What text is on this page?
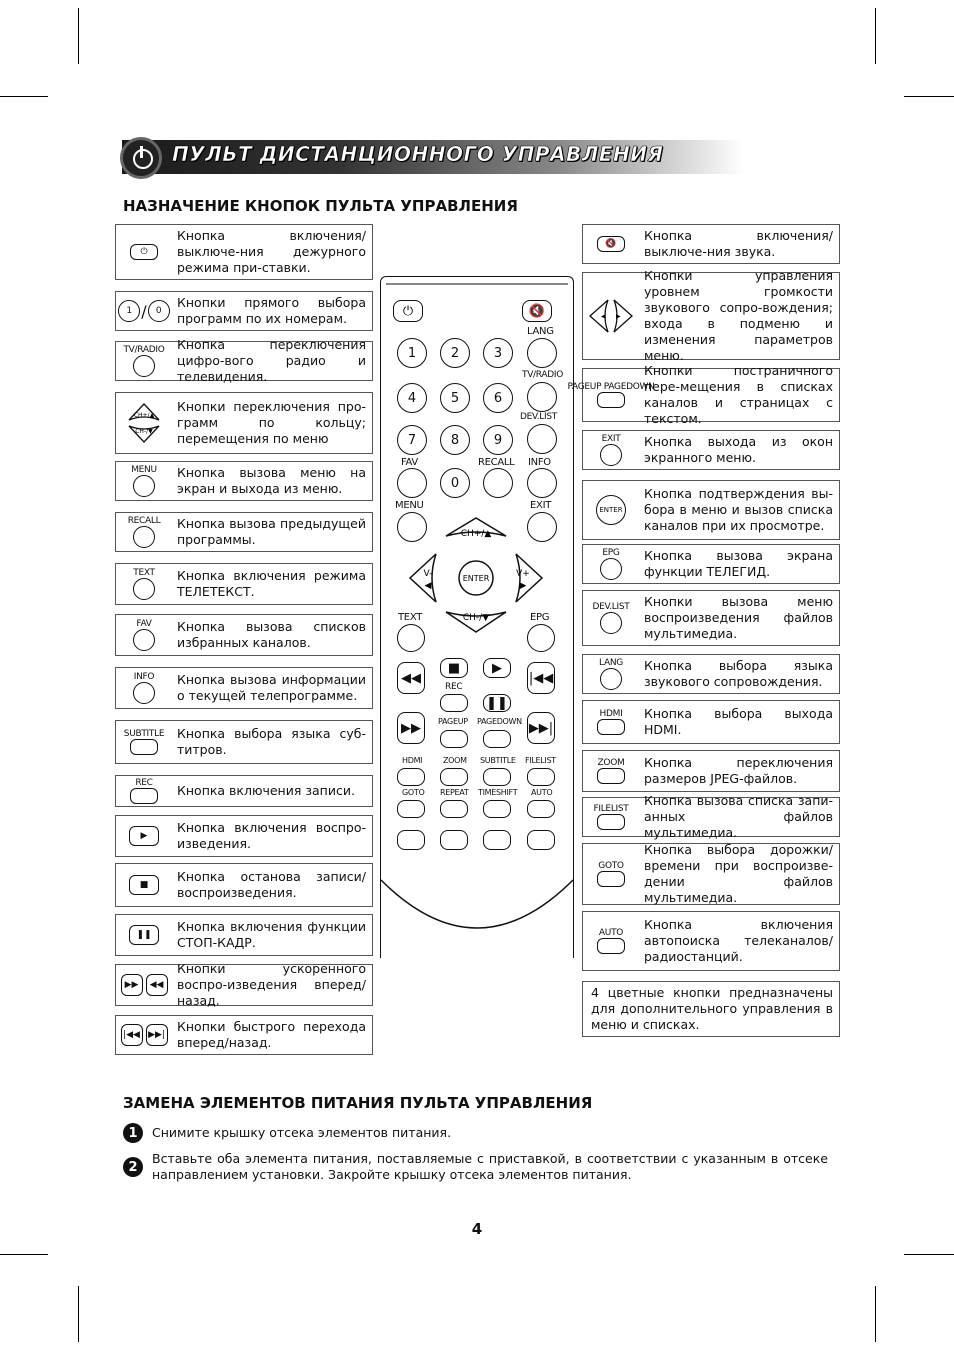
ПУЛЬТ ДИСТАНЦИОННОГО УПРАВЛЕНИЯ
НАЗНАЧЕНИЕ КНОПОК ПУЛЬТА УПРАВЛЕНИЯ
⏻
Кнопка включения/выключе-ния дежурного режима при-ставки.
1 /	0
Кнопки прямого выбора программ по их номерам.
TV/RADIO Кнопка переключения цифро-вого радио и телевидения.
CH+/▲
CH-/▼
Кнопки переключения про-грамм по кольцу; перемещения по меню
MENU Кнопка вызова меню на экран и выхода из меню.
RECALL Кнопка вызова предыдущей программы.
TEXT Кнопка включения режима ТЕЛЕТЕКСТ.
FAV Кнопка вызова списков избранных каналов.
INFO Кнопка вызова информации о текущей телепрограмме.
SUBTITLE Кнопка выбора языка суб-титров.
REC Кнопка включения записи.
▶
Кнопка включения воспро-изведения.
■
Кнопка останова записи/ воспроизведения.
❚❚
Кнопка включения функции СТОП-КАДР.
▶▶	◀◀
Кнопки ускоренного воспро-изведения вперед/назад.
|◀◀ ▶▶|
Кнопки быстрого перехода вперед/назад.
🔇
Кнопка включения/выключе-ния звука.
◀ ▶
Кнопки управления уровнем громкости звукового сопро-вождения; входа в подменю и изменения параметров меню.
PAGEUP PAGEDOWN
Кнопки постраничного пере-мещения в списках каналов и страницах с текстом.
EXIT Кнопка выхода из окон экранного меню.
ENTER
Кнопка подтверждения вы-бора в меню и вызов списка каналов при их просмотре.
EPG Кнопка вызова экрана функции ТЕЛЕГИД.
DEV.LIST Кнопки вызова меню воспроизведения файлов мультимедиа.
LANG Кнопка выбора языка звукового сопровождения.
HDMI Кнопка выбора выхода HDMI.
ZOOM Кнопка переключения размеров JPEG-файлов.
FILELIST
Кнопка вызова списка запи-анных файлов мультимедиа.
GOTO
Кнопка выбора дорожки/ времени при воспроизве-дении файлов мультимедиа.
AUTO
Кнопка включения автопоиска телеканалов/ радиостанций.
4 цветные кнопки предназначены для дополнительного управления в меню и списках.
⏻	🔇
LANG
1	2	3
4	5	6
7	8	9
0
TV/RADIO
DEV.LIST
FAV	RECALL INFO
MENU	EXIT
CH+/▲
CH-/▼
V-
◀
V+
▶
ENTER
TEXT	EPG
◀◀
■	▶
|◀◀
REC
❚❚
▶▶	▶▶|
PAGEUP PAGEDOWN
HDMI	ZOOM SUBTITLE FILELIST
GOTO REPEAT TIMESHIFT AUTO
ЗАМЕНА ЭЛЕМЕНТОВ ПИТАНИЯ ПУЛЬТА УПРАВЛЕНИЯ
1	Снимите крышку отсека элементов питания.
2
Вставьте оба элемента питания, поставляемые с приставкой, в соответствии с указанным в отсеке направлением установки. Закройте крышку отсека элементов питания.
4
